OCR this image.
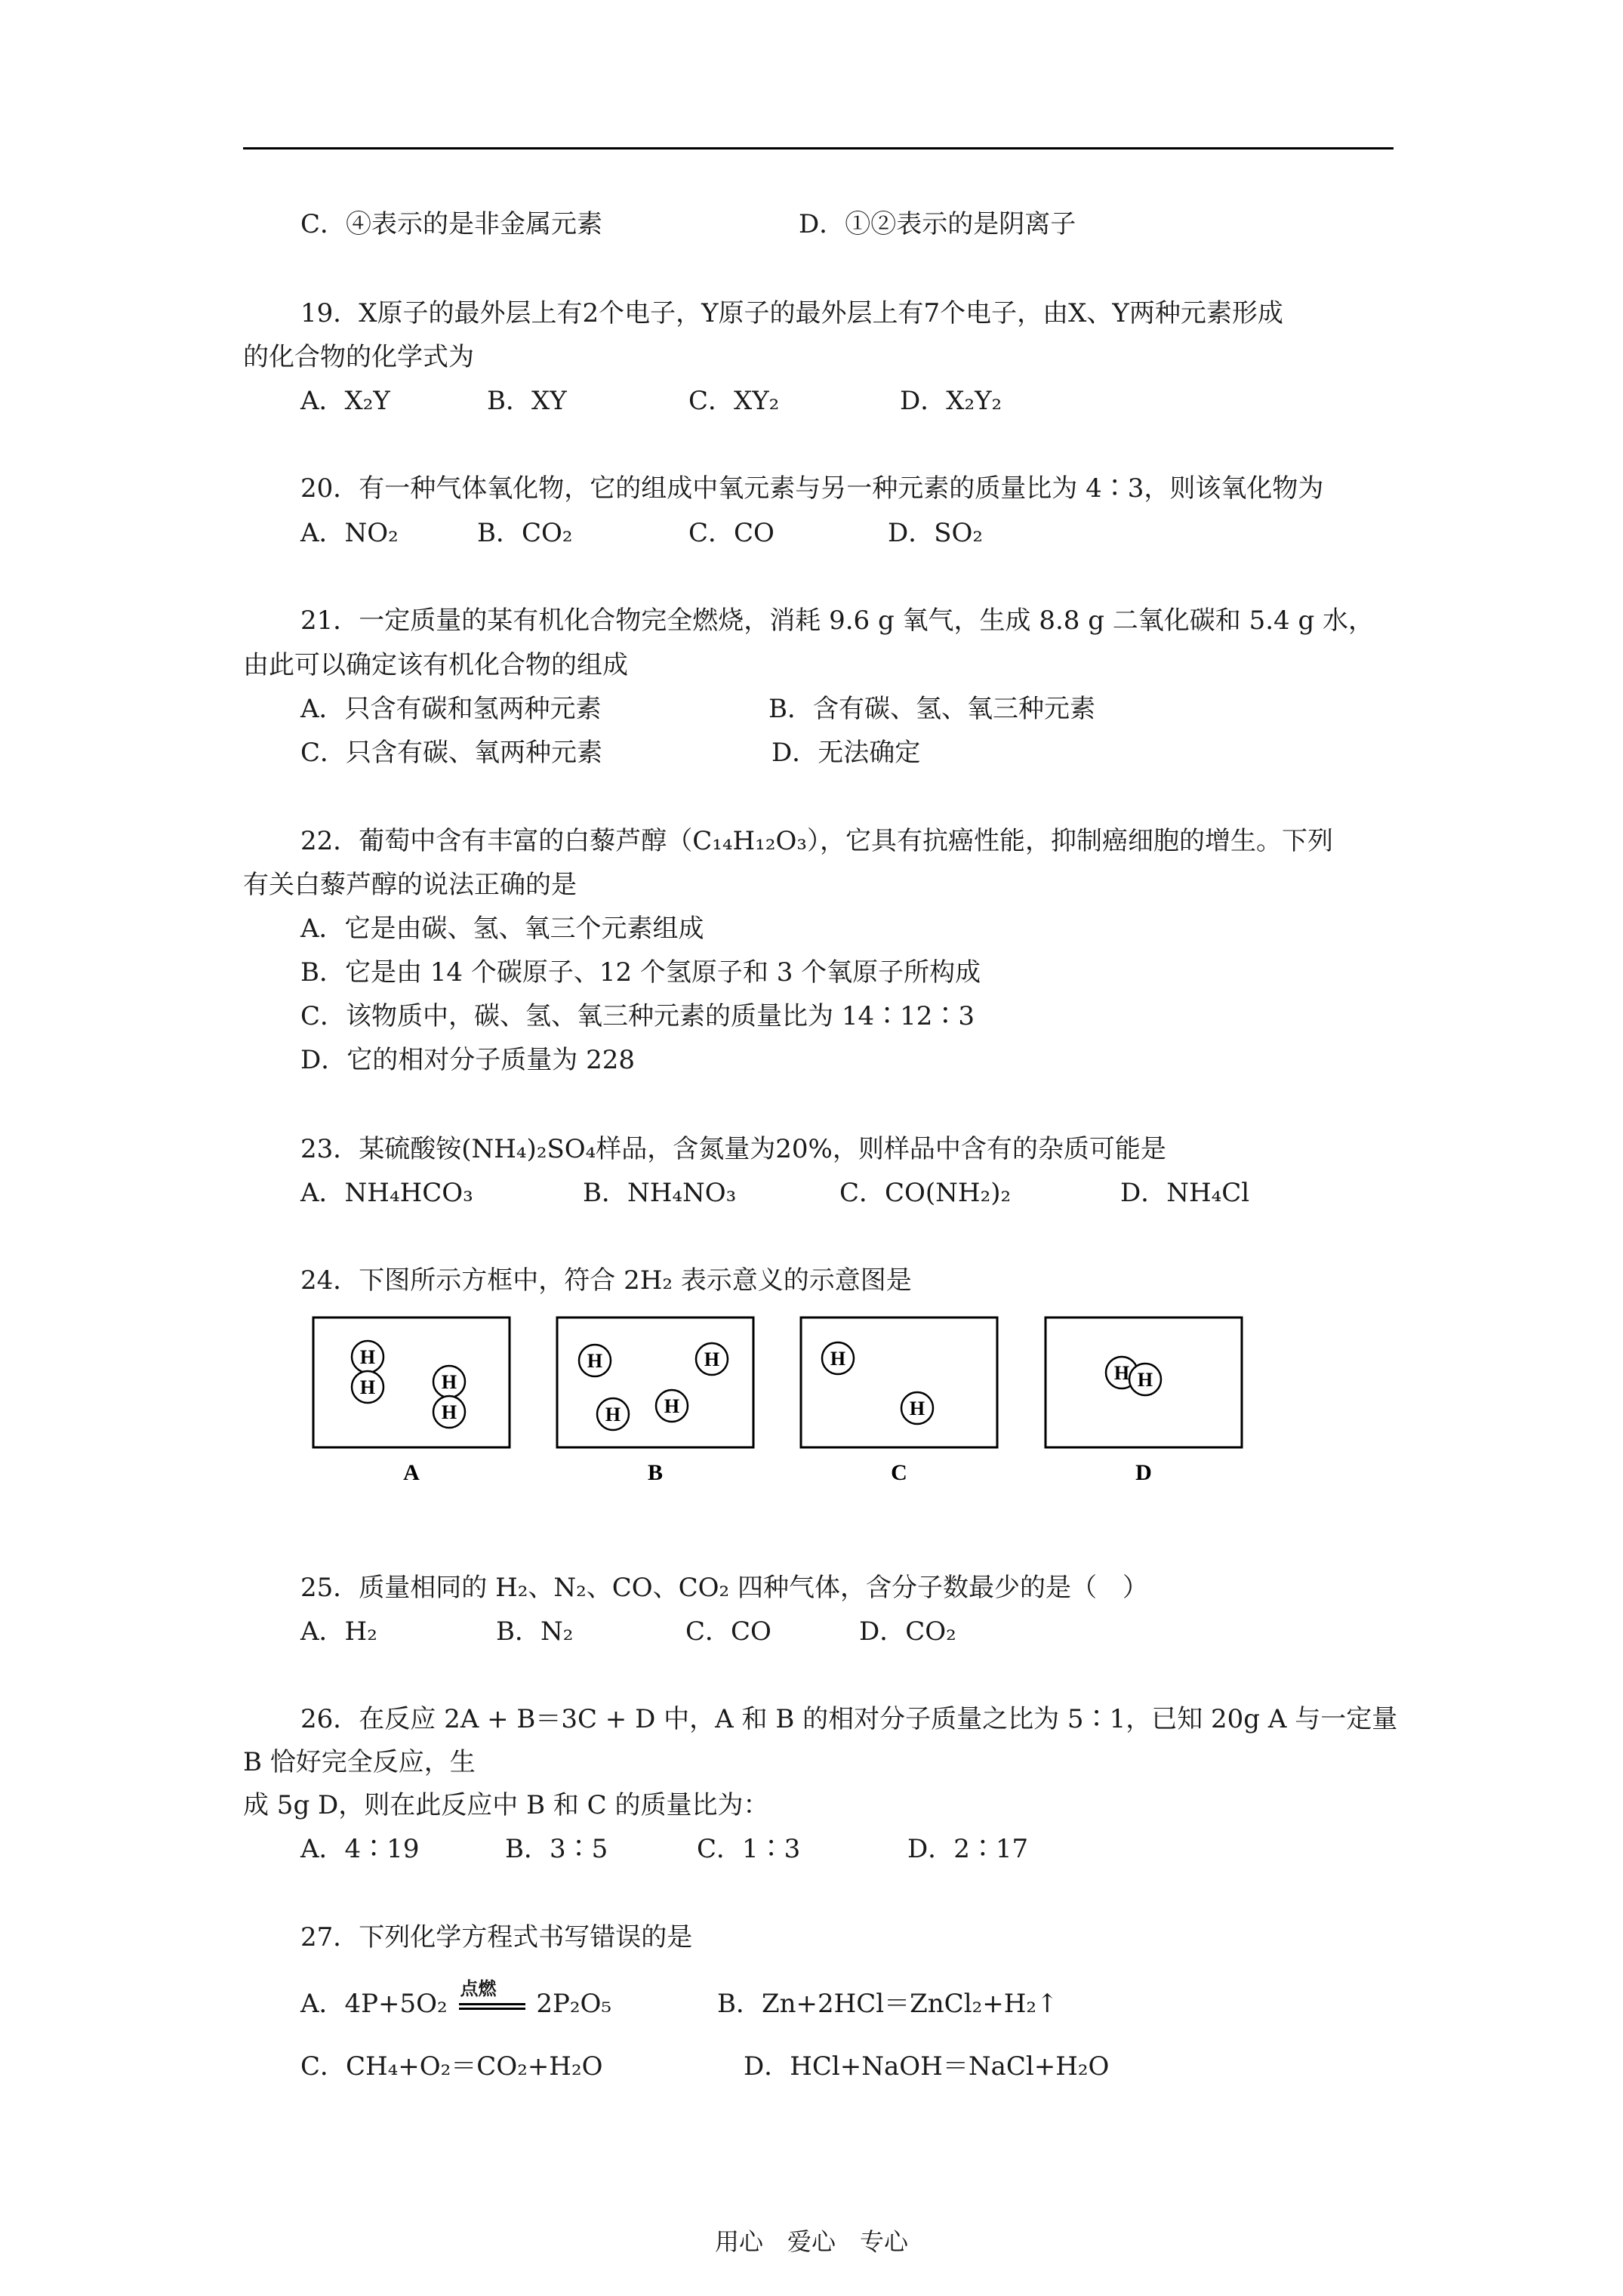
C．④表示的是非金属元素	D．①②表示的是阴离子
19．X原子的最外层上有2个电子，Y原子的最外层上有7个电子，由X、Y两种元素形成
的化合物的化学式为
A．X₂Y	B．XY	C．XY₂	D．X₂Y₂
20．有一种气体氧化物，它的组成中氧元素与另一种元素的质量比为 4∶3，则该氧化物为
A．NO₂	B．CO₂	C．CO	D．SO₂
21．一定质量的某有机化合物完全燃烧，消耗 9.6 g 氧气，生成 8.8 g 二氧化碳和 5.4 g 水，
由此可以确定该有机化合物的组成
A．只含有碳和氢两种元素	B．含有碳、氢、氧三种元素
C．只含有碳、氧两种元素	D．无法确定
22．葡萄中含有丰富的白藜芦醇（C₁₄H₁₂O₃），它具有抗癌性能，抑制癌细胞的增生。下列
有关白藜芦醇的说法正确的是
A．它是由碳、氢、氧三个元素组成
B．它是由 14 个碳原子、12 个氢原子和 3 个氧原子所构成
C．该物质中，碳、氢、氧三种元素的质量比为 14∶12∶3
D．它的相对分子质量为 228
23．某硫酸铵(NH₄)₂SO₄样品，含氮量为20%，则样品中含有的杂质可能是
A．NH₄HCO₃	B．NH₄NO₃	C．CO(NH₂)₂	D．NH₄Cl
24．下图所示方框中，符合 2H₂ 表示意义的示意图是
H
H	H
H
A
H	H
H
H
B
H
H
C
H H
D
25．质量相同的 H₂、N₂、CO、CO₂ 四种气体，含分子数最少的是（　）
A．H₂	B．N₂	C．CO	D．CO₂
26．在反应 2A + B＝3C + D 中，A 和 B 的相对分子质量之比为 5∶1，已知 20g A 与一定量
B 恰好完全反应，生
成 5g D，则在此反应中 B 和 C 的质量比为：
A．4∶19	B．3∶5	C．1∶3	D．2∶17
27．下列化学方程式书写错误的是
A．4P+5O₂ 点燃 2P₂O₅	B．Zn+2HCl＝ZnCl₂+H₂↑
C．CH₄+O₂＝CO₂+H₂O	D．HCl+NaOH＝NaCl+H₂O
用心　爱心　专心
